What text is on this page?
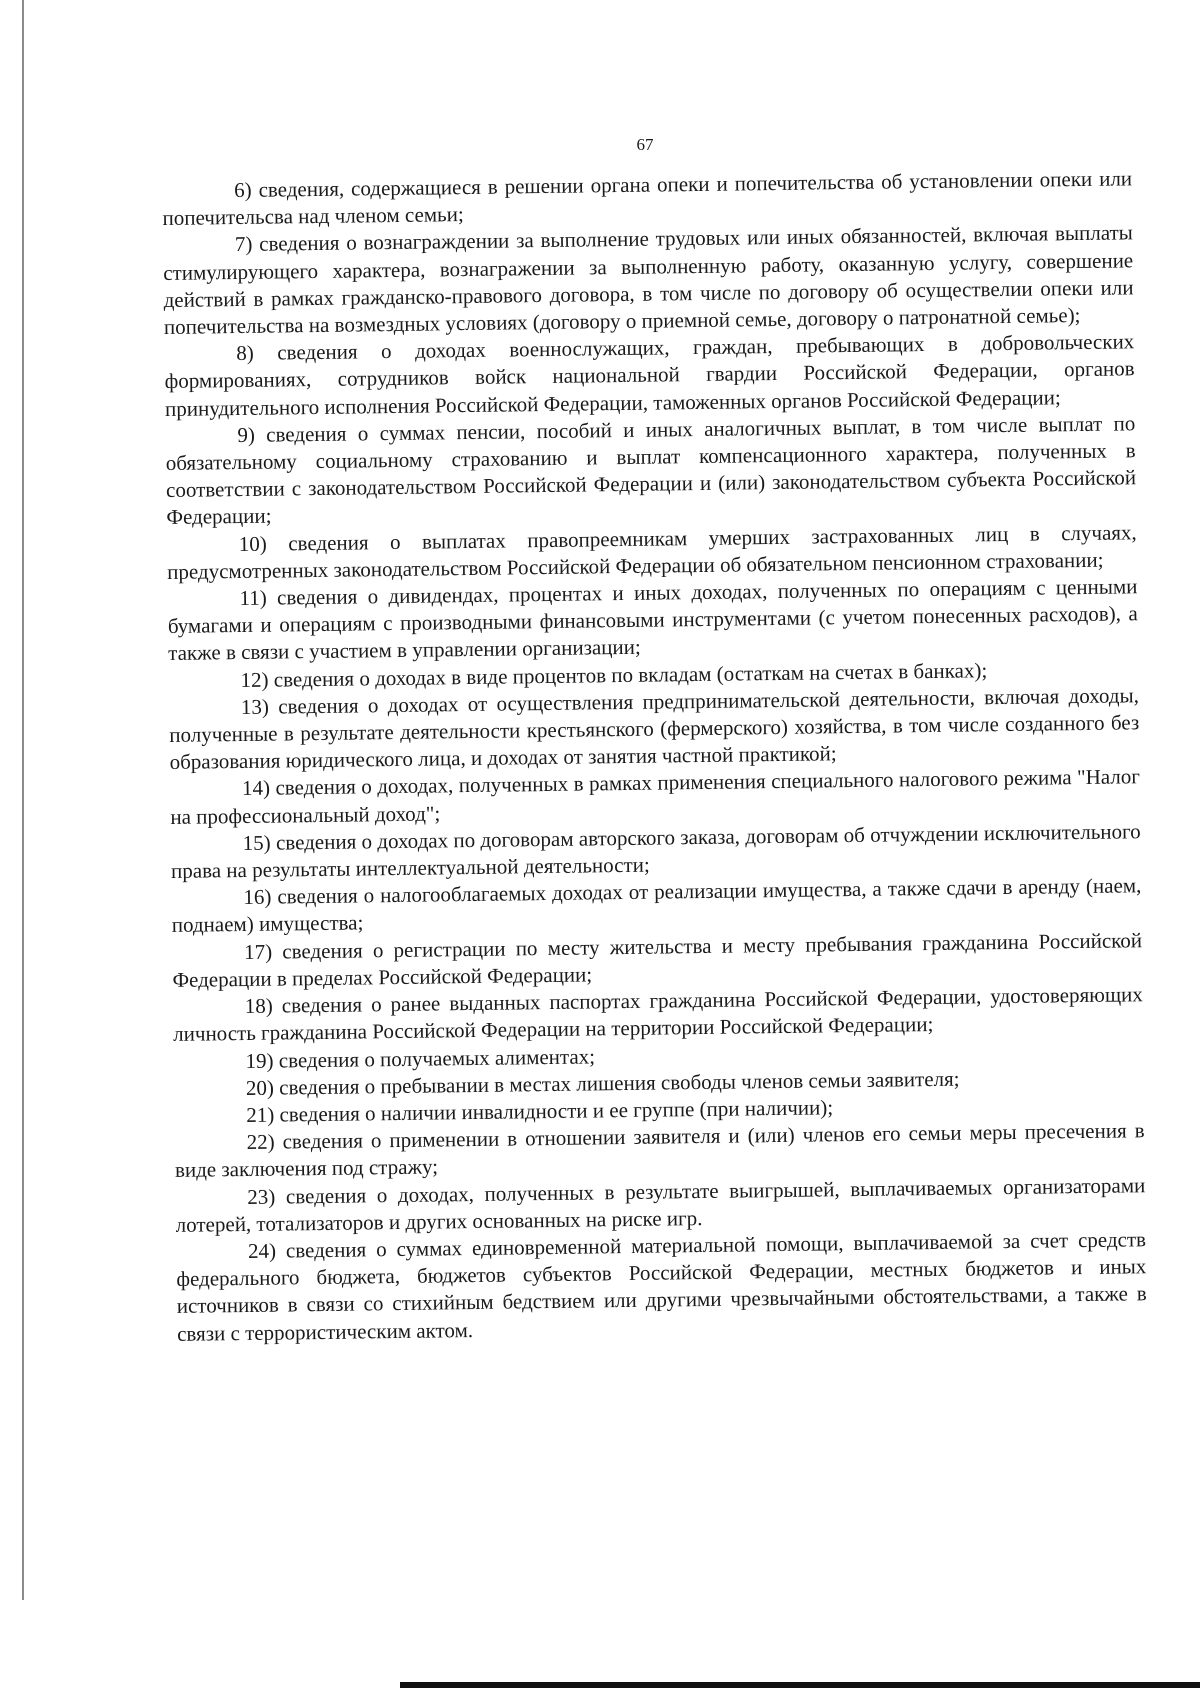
67

6) сведения, содержащиеся в решении органа опеки и попечительства об установлении опеки или попечительсва над членом семьи;

7) сведения о вознаграждении за выполнение трудовых или иных обязанностей, включая выплаты стимулирующего характера, вознагражении за выполненную работу, оказанную услугу, совершение действий в рамках гражданско-правового договора, в том числе по договору об осуществелии опеки или попечительства на возмездных условиях (договору о приемной семье, договору о патронатной семье);

8) сведения о доходах военнослужащих, граждан, пребывающих в добровольческих формированиях, сотрудников войск национальной гвардии Российской Федерации, органов принудительного исполнения Российской Федерации, таможенных органов Российской Федерации;

9) сведения о суммах пенсии, пособий и иных аналогичных выплат, в том числе выплат по обязательному социальному страхованию и выплат компенсационного характера, полученных в соответствии с законодательством Российской Федерации и (или) законодательством субъекта Российской Федерации;

10) сведения о выплатах правопреемникам умерших застрахованных лиц в случаях, предусмотренных законодательством Российской Федерации об обязательном пенсионном страховании;

11) сведения о дивидендах, процентах и иных доходах, полученных по операциям с ценными бумагами и операциям с производными финансовыми инструментами (с учетом понесенных расходов), а также в связи с участием в управлении организации;

12) сведения о доходах в виде процентов по вкладам (остаткам на счетах в банках);

13) сведения о доходах от осуществления предпринимательской деятельности, включая доходы, полученные в результате деятельности крестьянского (фермерского) хозяйства, в том числе созданного без образования юридического лица, и доходах от занятия частной практикой;

14) сведения о доходах, полученных в рамках применения специального налогового режима "Налог на профессиональный доход";

15) сведения о доходах по договорам авторского заказа, договорам об отчуждении исключительного права на результаты интеллектуальной деятельности;

16) сведения о налогооблагаемых доходах от реализации имущества, а также сдачи в аренду (наем, поднаем) имущества;

17) сведения о регистрации по месту жительства и месту пребывания гражданина Российской Федерации в пределах Российской Федерации;

18) сведения о ранее выданных паспортах гражданина Российской Федерации, удостоверяющих личность гражданина Российской Федерации на территории Российской Федерации;

19) сведения о получаемых алиментах;

20) сведения о пребывании в местах лишения свободы членов семьи заявителя;

21) сведения о наличии инвалидности и ее группе (при наличии);

22) сведения о применении в отношении заявителя и (или) членов его семьи меры пресечения в виде заключения под стражу;

23) сведения о доходах, полученных в результате выигрышей, выплачиваемых организаторами лотерей, тотализаторов и других основанных на риске игр.

24) сведения о суммах единовременной материальной помощи, выплачиваемой за счет средств федерального бюджета, бюджетов субъектов Российской Федерации, местных бюджетов и иных источников в связи со стихийным бедствием или другими чрезвычайными обстоятельствами, а также в связи с террористическим актом.
